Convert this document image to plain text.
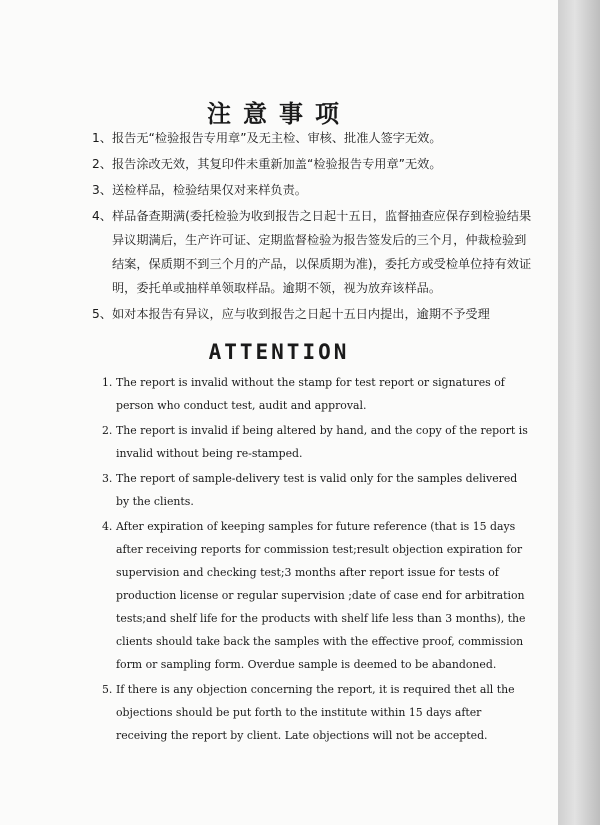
注意事项
1、 报告无“检验报告专用章”及无主检、审核、批准人签字无效。
2、 报告涂改无效，其复印件未重新加盖“检验报告专用章”无效。
3、 送检样品，检验结果仅对来样负责。
4、 样品备查期满(委托检验为收到报告之日起十五日，监督抽查应保存到检验结果异议期满后，生产许可证、定期监督检验为报告签发后的三个月，仲裁检验到结案，保质期不到三个月的产品，以保质期为准)，委托方或受检单位持有效证明，委托单或抽样单领取样品。逾期不领，视为放弃该样品。
5、 如对本报告有异议，应与收到报告之日起十五日内提出，逾期不予受理
ATTENTION
1. The report is invalid without the stamp for test report or signatures of person who conduct test, audit and approval.
2. The report is invalid if being altered by hand, and the copy of the report is invalid without being re-stamped.
3. The report of sample-delivery test is valid only for the samples delivered by the clients.
4. After expiration of keeping samples for future reference (that is 15 days after receiving reports for commission test;result objection expiration for supervision and checking test;3 months after report issue for tests of production license or regular supervision ;date of case end for arbitration tests;and shelf life for the products with shelf life less than 3 months), the clients should take back the samples with the effective proof, commission form or sampling form. Overdue sample is deemed to be abandoned.
5. If there is any objection concerning the report, it is required thet all the objections should be put forth to the institute within 15 days after receiving the report by client. Late objections will not be accepted.
